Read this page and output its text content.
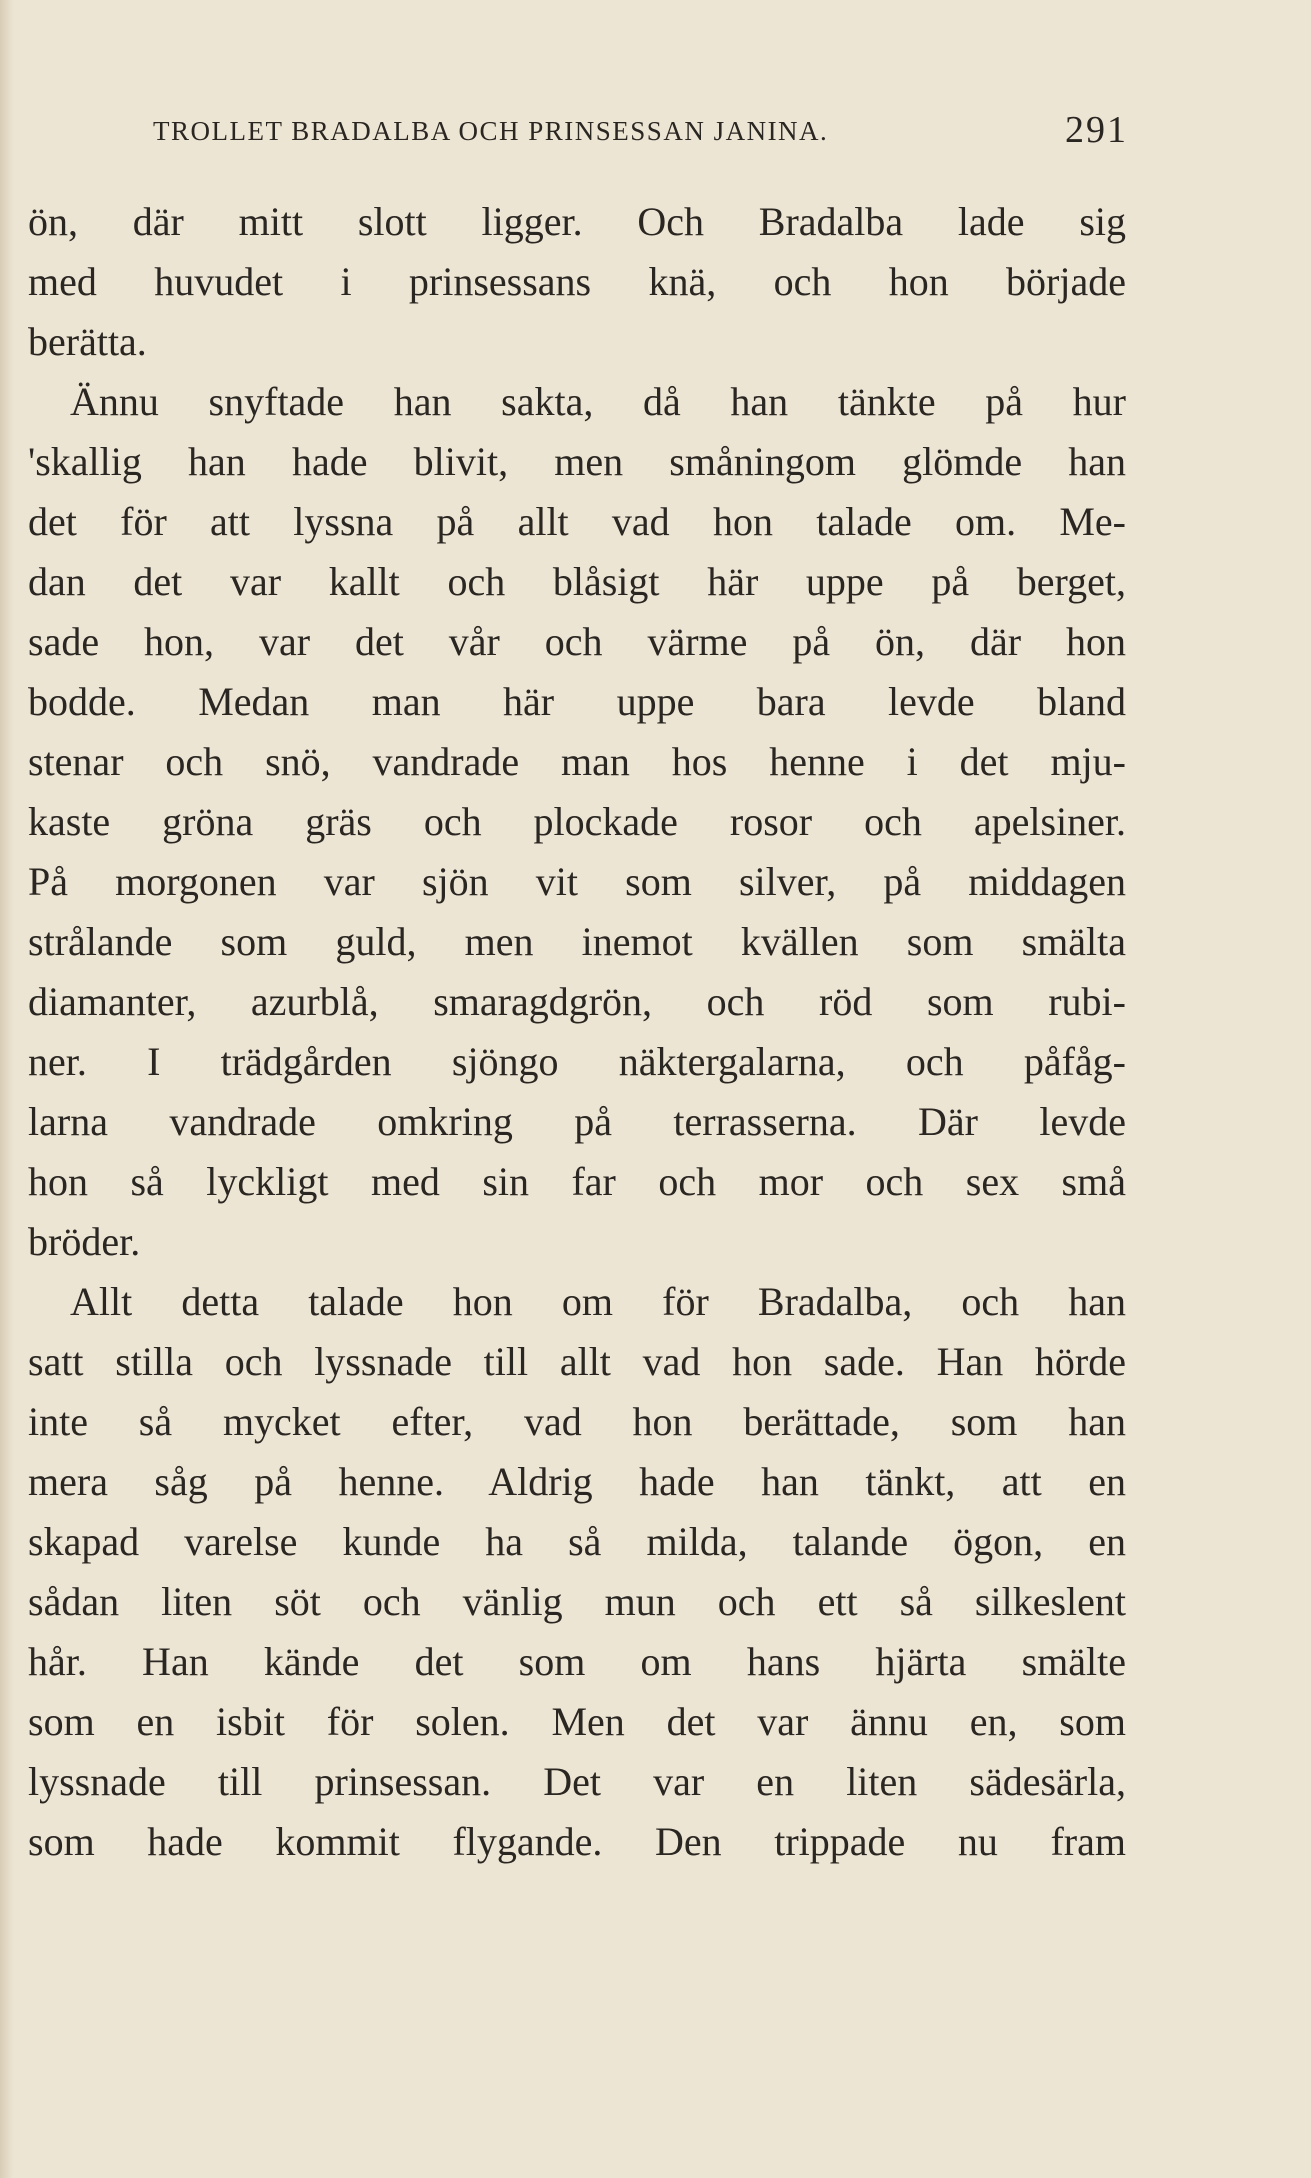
TROLLET BRADALBA OCH PRINSESSAN JANINA.	291
ön, där mitt slott ligger. Och Bradalba lade sig
med huvudet i prinsessans knä, och hon började
berätta.
Ännu snyftade han sakta, då han tänkte på hur
'skallig han hade blivit, men småningom glömde han
det för att lyssna på allt vad hon talade om. Me-
dan det var kallt och blåsigt här uppe på berget,
sade hon, var det vår och värme på ön, där hon
bodde. Medan man här uppe bara levde bland
stenar och snö, vandrade man hos henne i det mju-
kaste gröna gräs och plockade rosor och apelsiner.
På morgonen var sjön vit som silver, på middagen
strålande som guld, men inemot kvällen som smälta
diamanter, azurblå, smaragdgrön, och röd som rubi-
ner. I trädgården sjöngo näktergalarna, och påfåg-
larna vandrade omkring på terrasserna. Där levde
hon så lyckligt med sin far och mor och sex små
bröder.
Allt detta talade hon om för Bradalba, och han
satt stilla och lyssnade till allt vad hon sade. Han hörde
inte så mycket efter, vad hon berättade, som han
mera såg på henne. Aldrig hade han tänkt, att en
skapad varelse kunde ha så milda, talande ögon, en
sådan liten söt och vänlig mun och ett så silkeslent
hår. Han kände det som om hans hjärta smälte
som en isbit för solen. Men det var ännu en, som
lyssnade till prinsessan. Det var en liten sädesärla,
som hade kommit flygande. Den trippade nu fram
